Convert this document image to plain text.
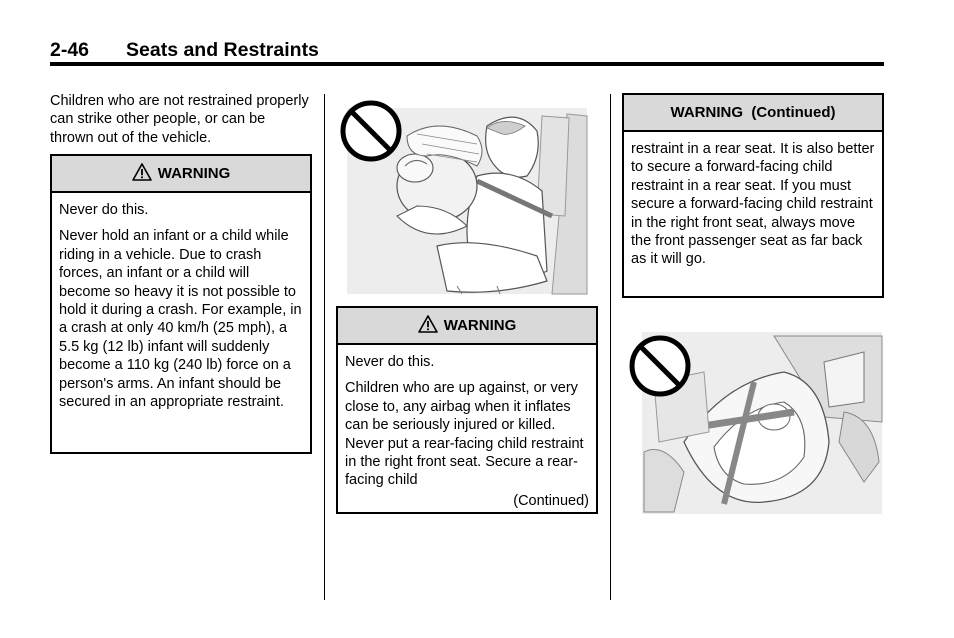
2-46 Seats and Restraints
Children who are not restrained properly can strike other people, or can be thrown out of the vehicle.
WARNING

Never do this.

Never hold an infant or a child while riding in a vehicle. Due to crash forces, an infant or a child will become so heavy it is not possible to hold it during a crash. For example, in a crash at only 40 km/h (25 mph), a 5.5 kg (12 lb) infant will suddenly become a 110 kg (240 lb) force on a person's arms. An infant should be secured in an appropriate restraint.

WARNING

Never do this.

Children who are up against, or very close to, any airbag when it inflates can be seriously injured or killed. Never put a rear-facing child restraint in the right front seat. Secure a rear-facing child

(Continued)
WARNING  (Continued)

restraint in a rear seat. It is also better to secure a forward-facing child restraint in a rear seat. If you must secure a forward-facing child restraint in the right front seat, always move the front passenger seat as far back as it will go.
